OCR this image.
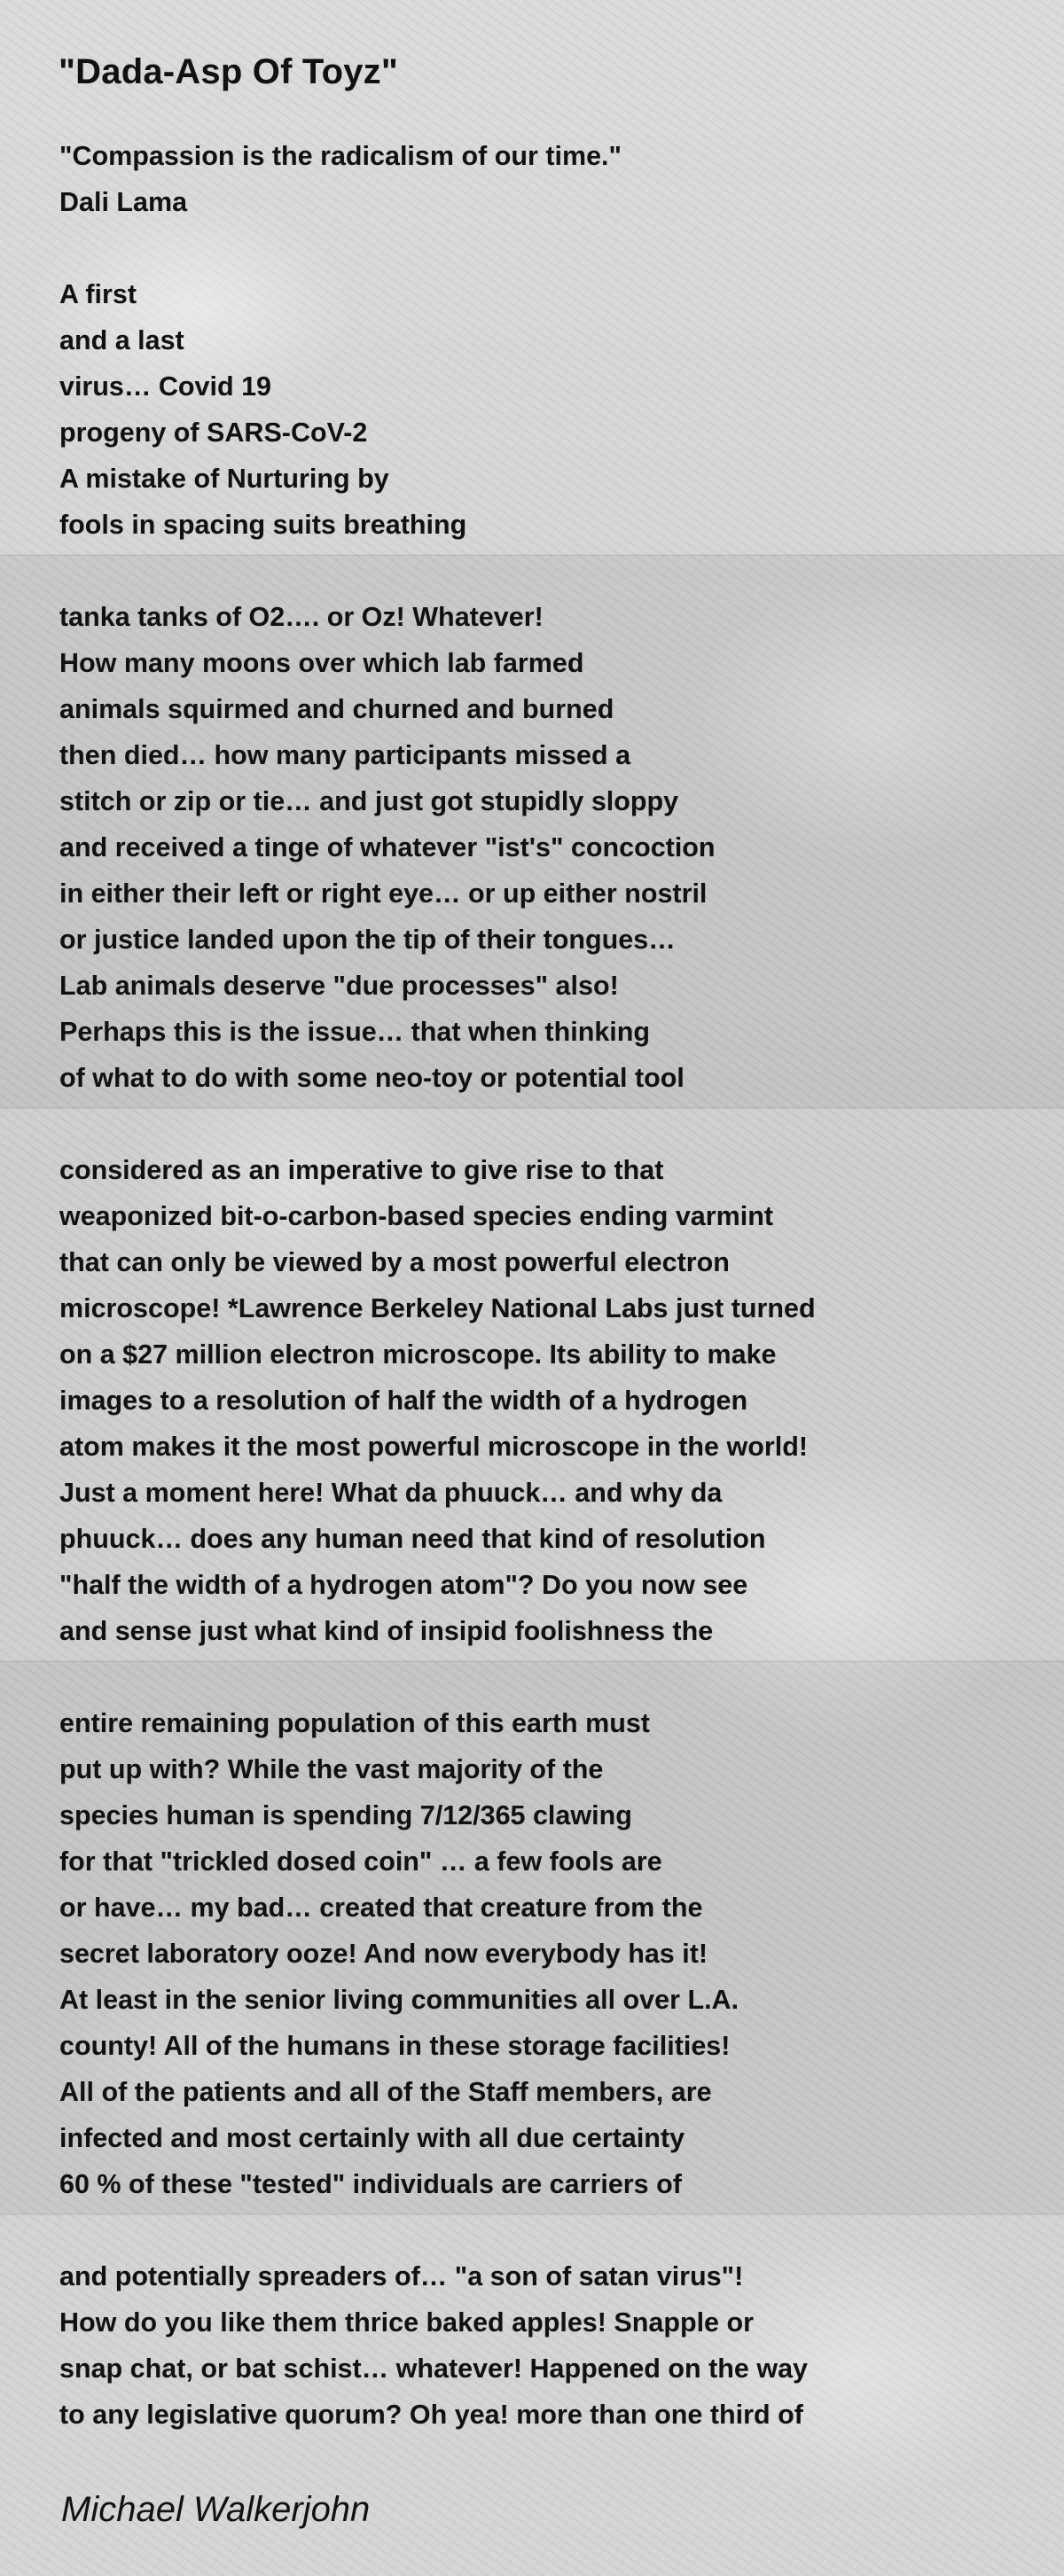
"Dada-Asp Of Toyz"
"Compassion is the radicalism of our time."
Dali Lama
A first
and a last
virus… Covid 19
progeny of SARS-CoV-2
A mistake of Nurturing by
fools in spacing suits breathing
tanka tanks of O2…. or Oz! Whatever!
How many moons over which lab farmed
animals squirmed and churned and burned
then died… how many participants missed a
stitch or zip or tie… and just got stupidly sloppy
and received a tinge of whatever "ist's" concoction
in either their left or right eye… or up either nostril
or justice landed upon the tip of their tongues…
Lab animals deserve "due processes" also!
Perhaps this is the issue… that when thinking
of what to do with some neo-toy or potential tool
considered as an imperative to give rise to that
weaponized bit-o-carbon-based species ending varmint
that can only be viewed by a most powerful electron
microscope! *Lawrence Berkeley National Labs just turned
on a $27 million electron microscope. Its ability to make
images to a resolution of half the width of a hydrogen
atom makes it the most powerful microscope in the world!
Just a moment here! What da phuuck… and why da
phuuck… does any human need that kind of resolution
"half the width of a hydrogen atom"? Do you now see
and sense just what kind of insipid foolishness the
entire remaining population of this earth must
put up with? While the vast majority of the
species human is spending 7/12/365 clawing
for that "trickled dosed coin" … a few fools are
or have… my bad… created that creature from the
secret laboratory ooze! And now everybody has it!
At least in the senior living communities all over L.A.
county! All of the humans in these storage facilities!
All of the patients and all of the Staff members, are
infected and most certainly with all due certainty
60 % of these "tested" individuals are carriers of
and potentially spreaders of… "a son of satan virus"!
How do you like them thrice baked apples! Snapple or
snap chat, or bat schist… whatever! Happened on the way
to any legislative quorum? Oh yea! more than one third of
Michael Walkerjohn
